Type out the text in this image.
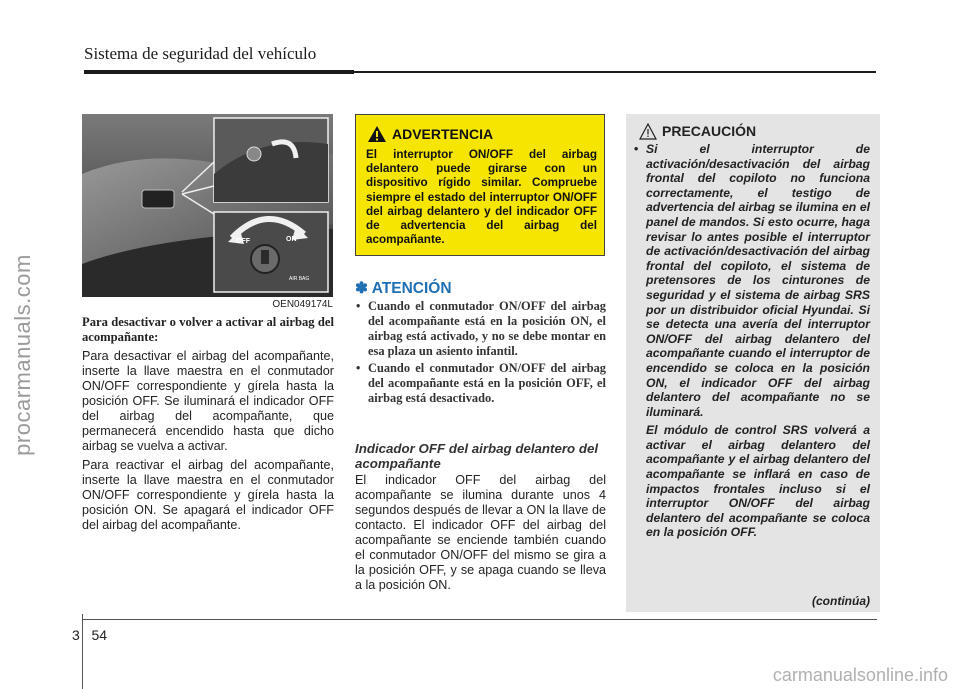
Sistema de seguridad del vehículo
procarmanuals.com
OFF	ON
AIR BAG
OEN049174L
Para desactivar o volver a activar al airbag del acompañante:

Para desactivar el airbag del acompañante, inserte la llave maestra en el conmutador ON/OFF correspondiente y gírela hasta la posición OFF. Se iluminará el indicador OFF del airbag del acompañante, que permanecerá encendido hasta que dicho airbag se vuelva a activar.

Para reactivar el airbag del acompañante, inserte la llave maestra en el conmutador ON/OFF correspondiente y gírela hasta la posición ON. Se apagará el indicador OFF del airbag del acompañante.

ADVERTENCIA
El interruptor ON/OFF del airbag delantero puede girarse con un dispositivo rígido similar. Compruebe siempre el estado del interruptor ON/OFF del airbag delantero y del indicador OFF de advertencia del airbag del acompañante.
✽ ATENCIÓN
• Cuando el conmutador ON/OFF del airbag del acompañante está en la posición ON, el airbag está activado, y no se debe montar en esa plaza un asiento infantil.
• Cuando el conmutador ON/OFF del airbag del acompañante está en la posición OFF, el airbag está desactivado.
Indicador OFF del airbag delantero del acompañante
El indicador OFF del airbag del acompañante se ilumina durante unos 4 segundos después de llevar a ON la llave de contacto. El indicador OFF del airbag del acompañante se enciende también cuando el conmutador ON/OFF del mismo se gira a la posición OFF, y se apaga cuando se lleva a la posición ON.
PRECAUCIÓN
• Si el interruptor de activación/desactivación del airbag frontal del copiloto no funciona correctamente, el testigo de advertencia del airbag se ilumina en el panel de mandos. Si esto ocurre, haga revisar lo antes posible el interruptor de activación/desactivación del airbag frontal del copiloto, el sistema de pretensores de los cinturones de seguridad y el sistema de airbag SRS por un distribuidor oficial Hyundai. Si se detecta una avería del interruptor ON/OFF del airbag delantero del acompañante cuando el interruptor de encendido se coloca en la posición ON, el indicador OFF del airbag delantero del acompañante no se iluminará.
El módulo de control SRS volverá a activar el airbag delantero del acompañante y el airbag delantero del acompañante se inflará en caso de impactos frontales incluso si el interruptor ON/OFF del airbag delantero del acompañante se coloca en la posición OFF.
(continúa)
3 54
carmanualsonline.info
